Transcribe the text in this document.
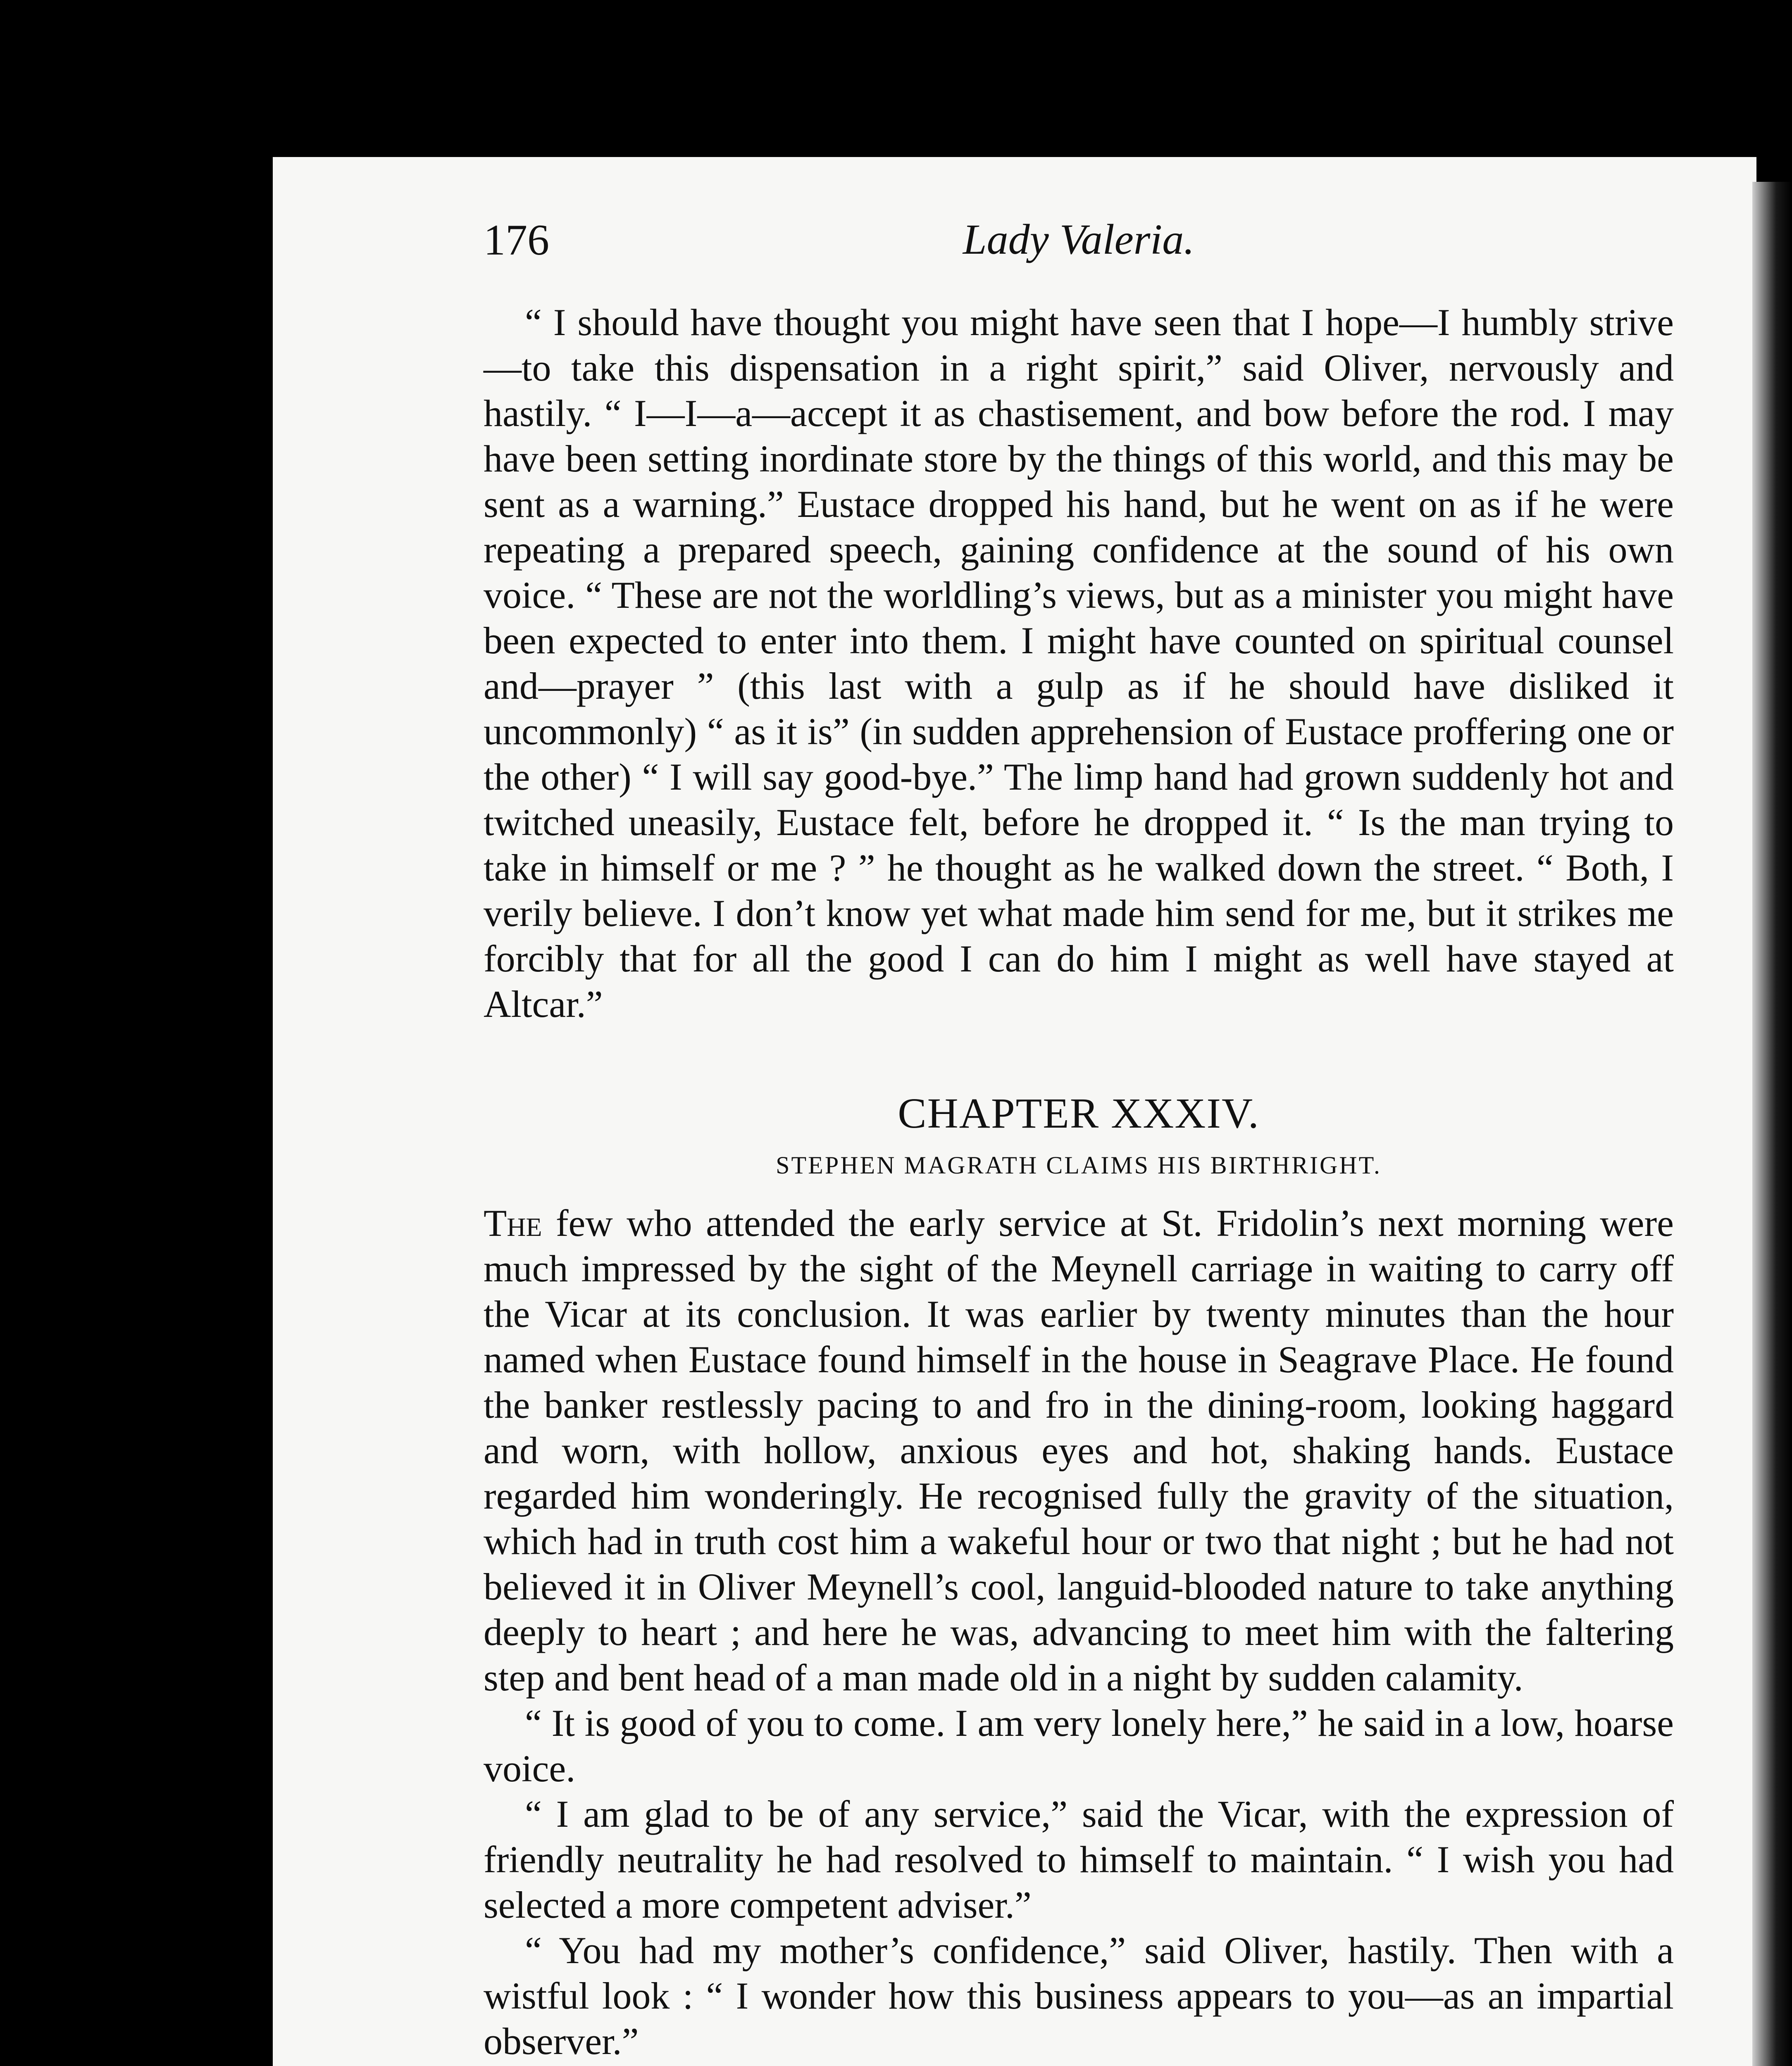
176	Lady Valeria.

“ I should have thought you might have seen that I hope—I humbly strive—to take this dispensation in a right spirit,” said Oliver, nervously and hastily. “ I—I—a—accept it as chastisement, and bow before the rod. I may have been setting inordinate store by the things of this world, and this may be sent as a warning.” Eustace dropped his hand, but he went on as if he were repeating a prepared speech, gaining confidence at the sound of his own voice. “ These are not the worldling’s views, but as a minister you might have been expected to enter into them. I might have counted on spiritual counsel and—prayer ” (this last with a gulp as if he should have disliked it uncommonly) “ as it is” (in sudden apprehension of Eustace proffering one or the other) “ I will say good-bye.” The limp hand had grown suddenly hot and twitched uneasily, Eustace felt, before he dropped it. “ Is the man trying to take in himself or me ? ” he thought as he walked down the street. “ Both, I verily believe. I don’t know yet what made him send for me, but it strikes me forcibly that for all the good I can do him I might as well have stayed at Altcar.”

CHAPTER XXXIV.
STEPHEN MAGRATH CLAIMS HIS BIRTHRIGHT.

The few who attended the early service at St. Fridolin’s next morning were much impressed by the sight of the Meynell carriage in waiting to carry off the Vicar at its conclusion. It was earlier by twenty minutes than the hour named when Eustace found himself in the house in Seagrave Place. He found the banker restlessly pacing to and fro in the dining-room, looking haggard and worn, with hollow, anxious eyes and hot, shaking hands. Eustace regarded him wonderingly. He recognised fully the gravity of the situation, which had in truth cost him a wakeful hour or two that night ; but he had not believed it in Oliver Meynell’s cool, languid-blooded nature to take anything deeply to heart ; and here he was, advancing to meet him with the faltering step and bent head of a man made old in a night by sudden calamity.

“ It is good of you to come. I am very lonely here,” he said in a low, hoarse voice.

“ I am glad to be of any service,” said the Vicar, with the expression of friendly neutrality he had resolved to himself to maintain. “ I wish you had selected a more competent adviser.”

“ You had my mother’s confidence,” said Oliver, hastily. Then with a wistful look : “ I wonder how this business appears to you—as an impartial observer.”
